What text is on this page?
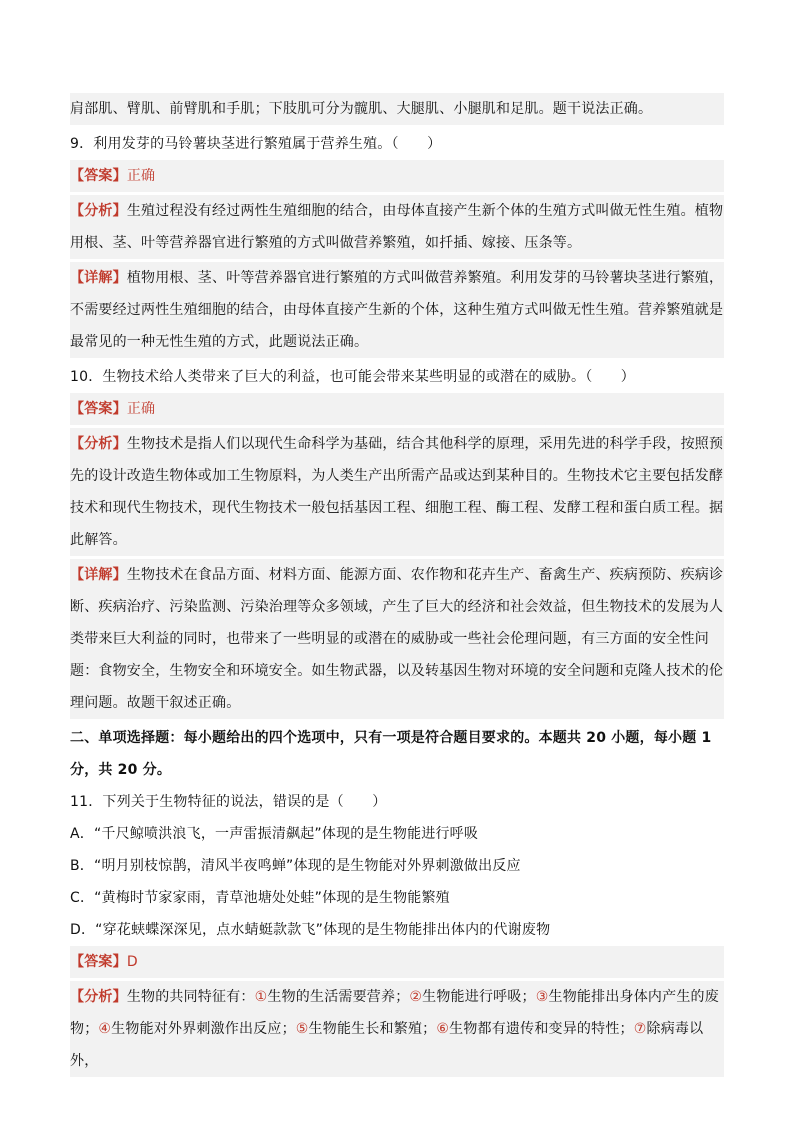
肩部肌、臂肌、前臂肌和手肌；下肢肌可分为髋肌、大腿肌、小腿肌和足肌。题干说法正确。

9．利用发芽的马铃薯块茎进行繁殖属于营养生殖。（　　）

【答案】正确

【分析】生殖过程没有经过两性生殖细胞的结合，由母体直接产生新个体的生殖方式叫做无性生殖。植物用根、茎、叶等营养器官进行繁殖的方式叫做营养繁殖，如扦插、嫁接、压条等。

【详解】植物用根、茎、叶等营养器官进行繁殖的方式叫做营养繁殖。利用发芽的马铃薯块茎进行繁殖，不需要经过两性生殖细胞的结合，由母体直接产生新的个体，这种生殖方式叫做无性生殖。营养繁殖就是最常见的一种无性生殖的方式，此题说法正确。

10．生物技术给人类带来了巨大的利益，也可能会带来某些明显的或潜在的威胁。（　　）

【答案】正确

【分析】生物技术是指人们以现代生命科学为基础，结合其他科学的原理，采用先进的科学手段，按照预先的设计改造生物体或加工生物原料，为人类生产出所需产品或达到某种目的。生物技术它主要包括发酵技术和现代生物技术，现代生物技术一般包括基因工程、细胞工程、酶工程、发酵工程和蛋白质工程。据此解答。

【详解】生物技术在食品方面、材料方面、能源方面、农作物和花卉生产、畜禽生产、疾病预防、疾病诊断、疾病治疗、污染监测、污染治理等众多领域，产生了巨大的经济和社会效益，但生物技术的发展为人类带来巨大利益的同时，也带来了一些明显的或潜在的威胁或一些社会伦理问题，有三方面的安全性问题：食物安全，生物安全和环境安全。如生物武器，以及转基因生物对环境的安全问题和克隆人技术的伦理问题。故题干叙述正确。

二、单项选择题：每小题给出的四个选项中，只有一项是符合题目要求的。本题共 20 小题，每小题 1 分，共 20 分。

11．下列关于生物特征的说法，错误的是（　　）

A．“千尺鲸喷洪浪飞，一声雷振清飙起”体现的是生物能进行呼吸

B．“明月别枝惊鹊，清风半夜鸣蝉”体现的是生物能对外界刺激做出反应

C．“黄梅时节家家雨，青草池塘处处蛙”体现的是生物能繁殖

D．“穿花蛱蝶深深见，点水蜻蜓款款飞”体现的是生物能排出体内的代谢废物

【答案】D

【分析】生物的共同特征有：①生物的生活需要营养；②生物能进行呼吸；③生物能排出身体内产生的废物；④生物能对外界刺激作出反应；⑤生物能生长和繁殖；⑥生物都有遗传和变异的特性；⑦除病毒以外，
